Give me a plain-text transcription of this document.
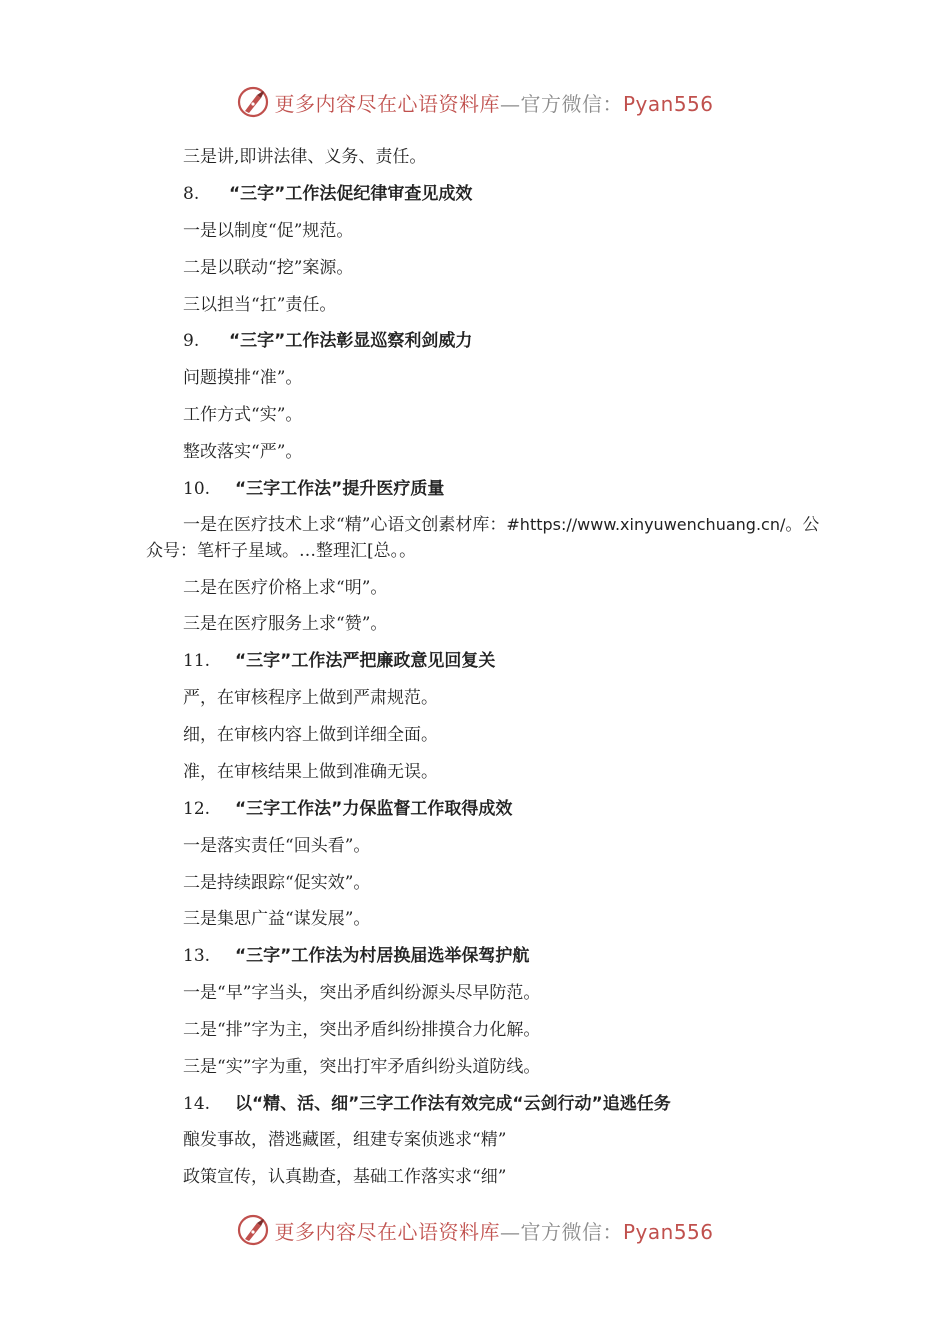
更多内容尽在心语资料库—官方微信：Pyan556
三是讲,即讲法律、义务、责任。
8. “三字”工作法促纪律审查见成效
一是以制度“促”规范。
二是以联动“挖”案源。
三以担当“扛”责任。
9. “三字”工作法彰显巡察利剑威力
问题摸排“准”。
工作方式“实”。
整改落实“严”。
10. “三字工作法”提升医疗质量
一是在医疗技术上求“精”心语文创素材库：#https://www.xinyuwenchuang.cn/。公
众号：笔杆子星域。…整理汇[总。。
二是在医疗价格上求“明”。
三是在医疗服务上求“赞”。
11. “三字”工作法严把廉政意见回复关
严，在审核程序上做到严肃规范。
细，在审核内容上做到详细全面。
准，在审核结果上做到准确无误。
12. “三字工作法”力保监督工作取得成效
一是落实责任“回头看”。
二是持续跟踪“促实效”。
三是集思广益“谋发展”。
13. “三字”工作法为村居换届选举保驾护航
一是“早”字当头，突出矛盾纠纷源头尽早防范。
二是“排”字为主，突出矛盾纠纷排摸合力化解。
三是“实”字为重，突出打牢矛盾纠纷头道防线。
14. 以“精、活、细”三字工作法有效完成“云剑行动”追逃任务
酿发事故，潜逃藏匿，组建专案侦逃求“精”
政策宣传，认真勘查，基础工作落实求“细”
更多内容尽在心语资料库—官方微信：Pyan556
